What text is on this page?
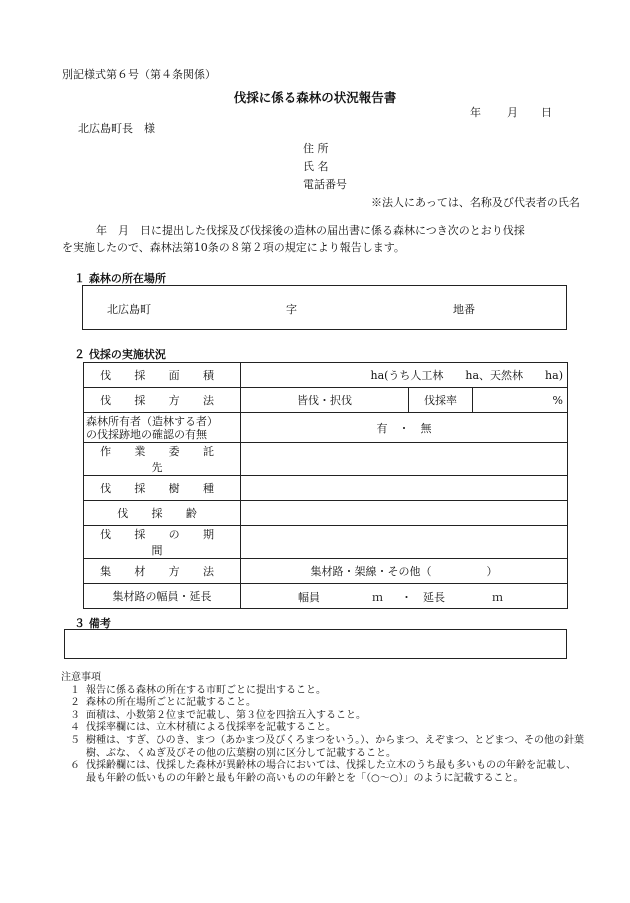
別記様式第６号（第４条関係）
伐採に係る森林の状況報告書
年 月 日
北広島町長　様
住 所
氏 名
電話番号
※法人にあっては、名称及び代表者の氏名
年　月　日に提出した伐採及び伐採後の造林の届出書に係る森林につき次のとおり伐採
を実施したので、森林法第10条の８第２項の規定により報告します。
１ 森林の所在場所
北広島町	字	地番
２ 伐採の実施状況
伐 採 面 積	ha(うち人工林　　ha、天然林　　ha)		
伐 採 方 法	皆伐・択伐	伐採率	%

森林所有者（造林する者）
の伐採跡地の確認の有無	有　・　無		
作 業 委 託 先			
伐 採 樹 種			
伐 採 齢			
伐 採 の 期 間			
集 材 方 法	集材路・架線・その他（　　　　　）		
集材路の幅員・延長	幅員 ｍ ・ 延長 ｍ		
３ 備考
注意事項
１ 報告に係る森林の所在する市町ごとに提出すること。
２ 森林の所在場所ごとに記載すること。
３ 面積は、小数第２位まで記載し、第３位を四捨五入すること。
４ 伐採率欄には、立木材積による伐採率を記載すること。
５ 樹種は、すぎ、ひのき、まつ（あかまつ及びくろまつをいう。）、からまつ、えぞまつ、とどまつ、その他の針葉樹、ぶな、くぬぎ及びその他の広葉樹の別に区分して記載すること。
６ 伐採齢欄には、伐採した森林が異齢林の場合においては、伐採した立木のうち最も多いものの年齢を記載し、最も年齢の低いものの年齢と最も年齢の高いものの年齢とを「（○～○）」のように記載すること。
